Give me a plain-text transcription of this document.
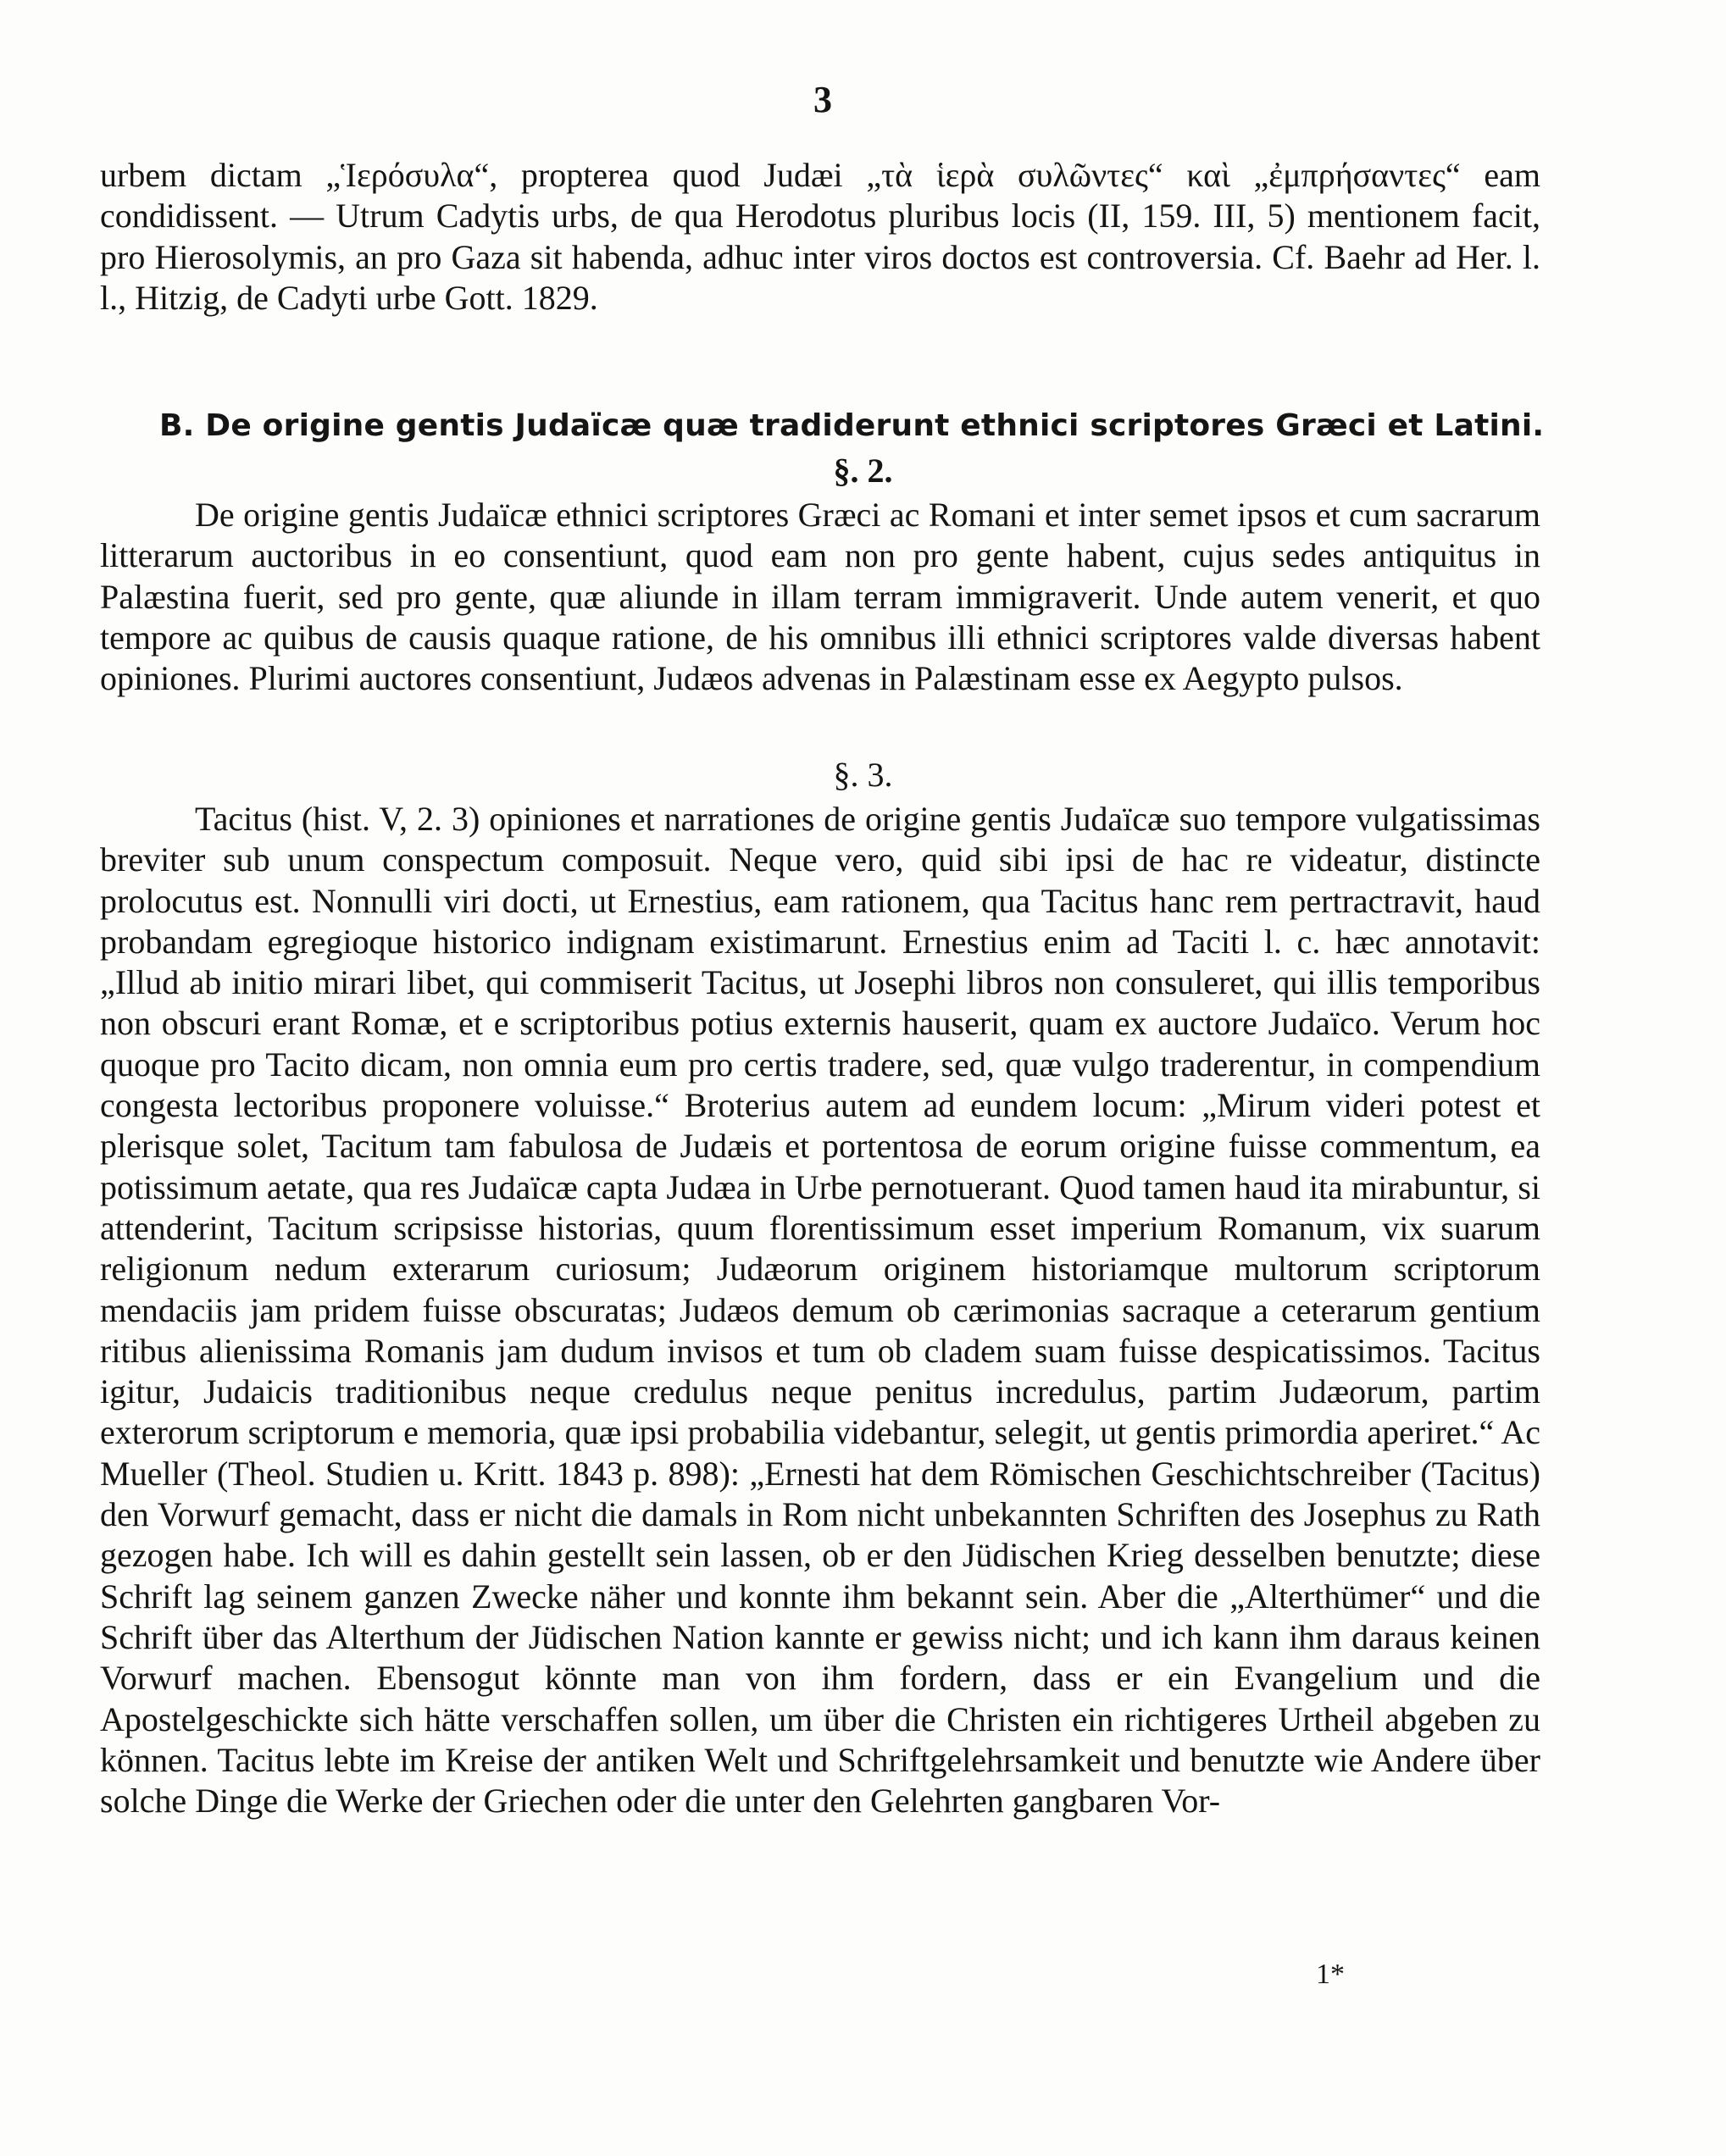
3

urbem dictam „Ἱερόσυλα“, propterea quod Judæi „τὰ ἱερὰ συλῶντες“ καὶ „ἐμπρήσαντες“ eam condidissent. — Utrum Cadytis urbs, de qua Herodotus pluribus locis (II, 159. III, 5) mentionem facit, pro Hierosolymis, an pro Gaza sit habenda, adhuc inter viros doctos est controversia. Cf. Baehr ad Her. l. l., Hitzig, de Cadyti urbe Gott. 1829.

B. De origine gentis Judaïcæ quæ tradiderunt ethnici scriptores Græci et Latini.

§. 2.

De origine gentis Judaïcæ ethnici scriptores Græci ac Romani et inter semet ipsos et cum sacrarum litterarum auctoribus in eo consentiunt, quod eam non pro gente habent, cujus sedes antiquitus in Palæstina fuerit, sed pro gente, quæ aliunde in illam terram immigraverit. Unde autem venerit, et quo tempore ac quibus de causis quaque ratione, de his omnibus illi ethnici scriptores valde diversas habent opiniones. Plurimi auctores consentiunt, Judæos advenas in Palæstinam esse ex Aegypto pulsos.

§. 3.

Tacitus (hist. V, 2. 3) opiniones et narrationes de origine gentis Judaïcæ suo tempore vulgatissimas breviter sub unum conspectum composuit. Neque vero, quid sibi ipsi de hac re videatur, distincte prolocutus est. Nonnulli viri docti, ut Ernestius, eam rationem, qua Tacitus hanc rem pertractravit, haud probandam egregioque historico indignam existimarunt. Ernestius enim ad Taciti l. c. hæc annotavit: „Illud ab initio mirari libet, qui commiserit Tacitus, ut Josephi libros non consuleret, qui illis temporibus non obscuri erant Romæ, et e scriptoribus potius externis hauserit, quam ex auctore Judaïco. Verum hoc quoque pro Tacito dicam, non omnia eum pro certis tradere, sed, quæ vulgo traderentur, in compendium congesta lectoribus proponere voluisse.“ Broterius autem ad eundem locum: „Mirum videri potest et plerisque solet, Tacitum tam fabulosa de Judæis et portentosa de eorum origine fuisse commentum, ea potissimum aetate, qua res Judaïcæ capta Judæa in Urbe pernotuerant. Quod tamen haud ita mirabuntur, si attenderint, Tacitum scripsisse historias, quum florentissimum esset imperium Romanum, vix suarum religionum nedum exterarum curiosum; Judæorum originem historiamque multorum scriptorum mendaciis jam pridem fuisse obscuratas; Judæos demum ob cærimonias sacraque a ceterarum gentium ritibus alienissima Romanis jam dudum invisos et tum ob cladem suam fuisse despicatissimos. Tacitus igitur, Judaicis traditionibus neque credulus neque penitus incredulus, partim Judæorum, partim exterorum scriptorum e memoria, quæ ipsi probabilia videbantur, selegit, ut gentis primordia aperiret.“ Ac Mueller (Theol. Studien u. Kritt. 1843 p. 898): „Ernesti hat dem Römischen Geschichtschreiber (Tacitus) den Vorwurf gemacht, dass er nicht die damals in Rom nicht unbekannten Schriften des Josephus zu Rath gezogen habe. Ich will es dahin gestellt sein lassen, ob er den Jüdischen Krieg desselben benutzte; diese Schrift lag seinem ganzen Zwecke näher und konnte ihm bekannt sein. Aber die „Alterthümer“ und die Schrift über das Alterthum der Jüdischen Nation kannte er gewiss nicht; und ich kann ihm daraus keinen Vorwurf machen. Ebensogut könnte man von ihm fordern, dass er ein Evangelium und die Apostelgeschickte sich hätte verschaffen sollen, um über die Christen ein richtigeres Urtheil abgeben zu können. Tacitus lebte im Kreise der antiken Welt und Schriftgelehrsamkeit und benutzte wie Andere über solche Dinge die Werke der Griechen oder die unter den Gelehrten gangbaren Vor-

1*
